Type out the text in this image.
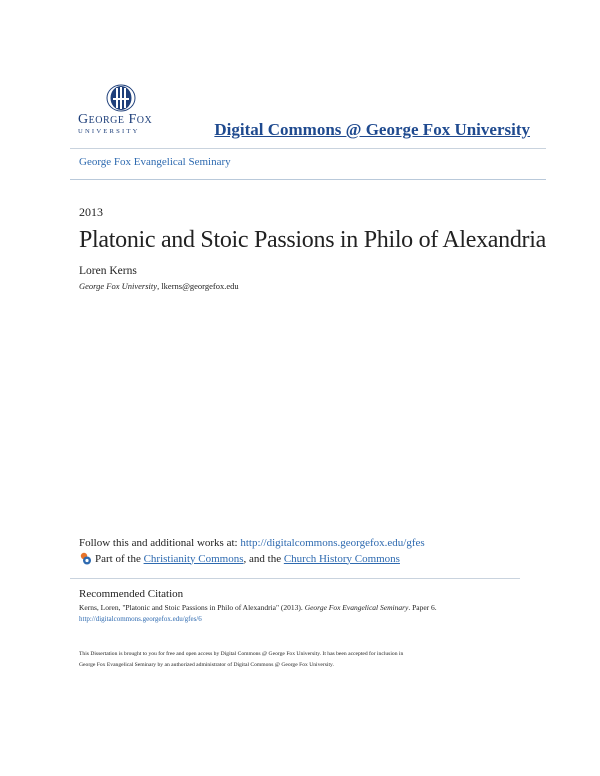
George Fox
UNIVERSITY	Digital Commons @ George Fox University
George Fox Evangelical Seminary
2013
Platonic and Stoic Passions in Philo of Alexandria
Loren Kerns
George Fox University, lkerns@georgefox.edu
Follow this and additional works at: http://digitalcommons.georgefox.edu/gfes
Part of the
Christianity Commons , and the
Church History Commons
Recommended Citation
Kerns, Loren, "Platonic and Stoic Passions in Philo of Alexandria" (2013). George Fox Evangelical Seminary. Paper 6.
http://digitalcommons.georgefox.edu/gfes/6
This Dissertation is brought to you for free and open access by Digital Commons @ George Fox University. It has been accepted for inclusion in
George Fox Evangelical Seminary by an authorized administrator of Digital Commons @ George Fox University.
